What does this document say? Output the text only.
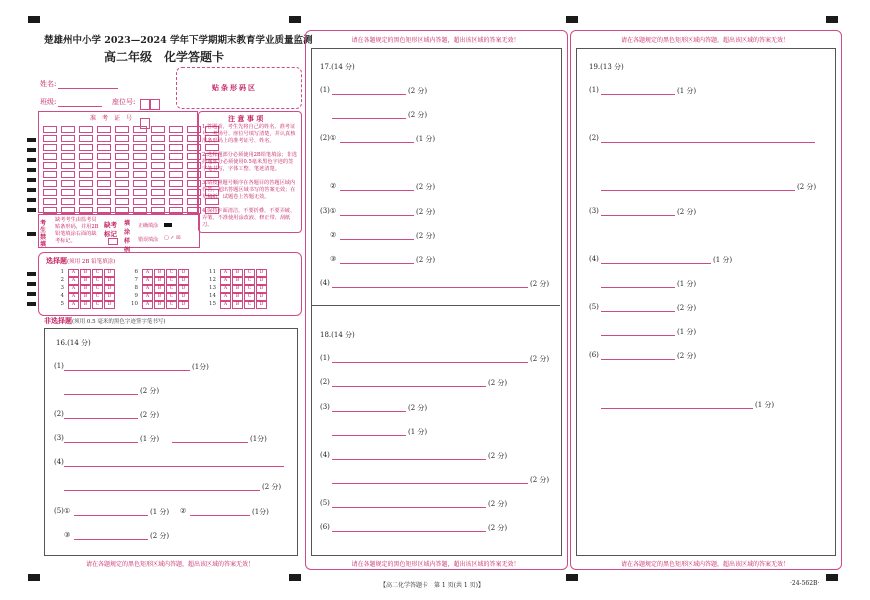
楚雄州中小学 2023—2024 学年下学期期末教育学业质量监测
高二年级　化学答题卡
贴条形码区
姓名:
班级:	座位号:
准　考　证　号	注 意 事 项
1.答题前，考生先将自己的姓名、准考证号、考场号、座位号填写清楚，并认真核准条形码上的准考证号、姓名。
2.选择题部分必须使用2B铅笔填涂；非选择题部分必须使用0.5毫米黑色字迹的签字笔书写，字体工整、笔迹清楚。
3.请按照题号顺序在各题目的答题区域内作答，超出答题区域书写的答案无效；在草稿纸、试题卷上答题无效。
4.保持卡面清洁，不要折叠、不要弄破、弄皱，不准使用涂改液、修正带、刮纸刀。
考生禁填
缺考考生由监考员贴条形码，并用2B铅笔填涂右面的缺考标记。
缺考标记
填涂样例
正确填涂
错误填涂 ▢ ✓ ☒
选择题(须用 2B 铅笔填涂)
1 A B C D
2 A B C D
3 A B C D
4 A B C D
5 A B C D
6 A B C D
7 A B C D
8 A B C D
9 A B C D
10 A B C D
11 A B C D
12 A B C D
13 A B C D
14 A B C D
15 A B C D
非选择题(须用 0.5 毫米的黑色字迹签字笔书写)
16.(14 分)
(1)	(1分)
(2 分)
(2)	(2 分)
(3)	(1 分)	(1分)
(4)
(2 分)
(5)①	(1 分) ②	(1分)
③	(2 分)
请在各题规定的黑色矩形区域内答题，超出该区域的答案无效！
请在各题规定的黑色矩形区域内答题，超出该区域的答案无效！
17.(14 分)
(1)	(2 分)
(2 分)
(2)①	(1 分)
②	(2 分)
(3)①	(2 分)
②	(2 分)
③	(2 分)
(4)	(2 分)
18.(14 分)
(1)	(2 分)
(2)	(2 分)
(3)	(2 分)
(1 分)
(4)	(2 分)
(2 分)
(5)	(2 分)
(6)	(2 分)
请在各题规定的黑色矩形区域内答题，超出该区域的答案无效！
请在各题规定的黑色矩形区域内答题，超出该区域的答案无效！
19.(13 分)
(1)	(1 分)
(2)
(2 分)
(3)	(2 分)
(4)	(1 分)
(1 分)
(5)	(2 分)
(1 分)
(6)	(2 分)
(1 分)
请在各题规定的黑色矩形区域内答题，超出该区域的答案无效！
【高二化学答题卡　第 1 页(共 1 页)】	·24-562B·
